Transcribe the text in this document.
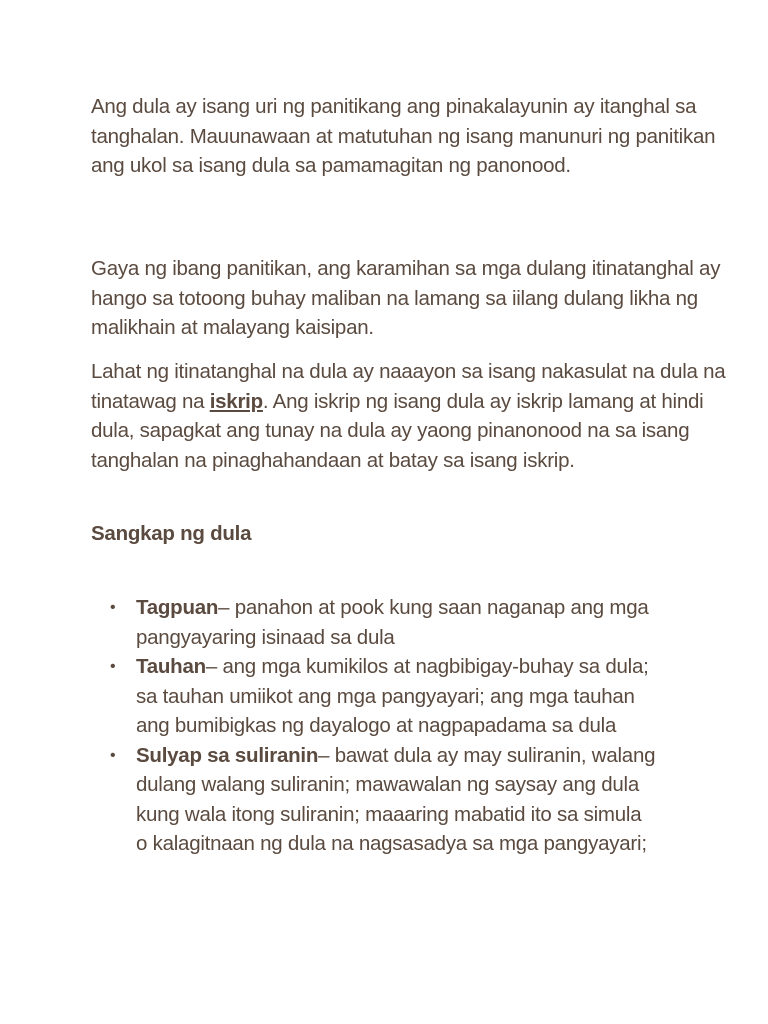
Ang dula ay isang uri ng panitikang ang pinakalayunin ay itanghal sa tanghalan. Mauunawaan at matutuhan ng isang manunuri ng panitikan ang ukol sa isang dula sa pamamagitan ng panonood.

Gaya ng ibang panitikan, ang karamihan sa mga dulang itinatanghal ay hango sa totoong buhay maliban na lamang sa iilang dulang likha ng malikhain at malayang kaisipan.

Lahat ng itinatanghal na dula ay naaayon sa isang nakasulat na dula na tinatawag na iskrip. Ang iskrip ng isang dula ay iskrip lamang at hindi dula, sapagkat ang tunay na dula ay yaong pinanonood na sa isang tanghalan na pinaghahandaan at batay sa isang iskrip.

Sangkap ng dula
• Tagpuan– panahon at pook kung saan naganap ang mga pangyayaring isinaad sa dula
• Tauhan– ang mga kumikilos at nagbibigay-buhay sa dula; sa tauhan umiikot ang mga pangyayari; ang mga tauhan ang bumibigkas ng dayalogo at nagpapadama sa dula
• Sulyap sa suliranin– bawat dula ay may suliranin, walang dulang walang suliranin; mawawalan ng saysay ang dula kung wala itong suliranin; maaaring mabatid ito sa simula o kalagitnaan ng dula na nagsasadya sa mga pangyayari;
